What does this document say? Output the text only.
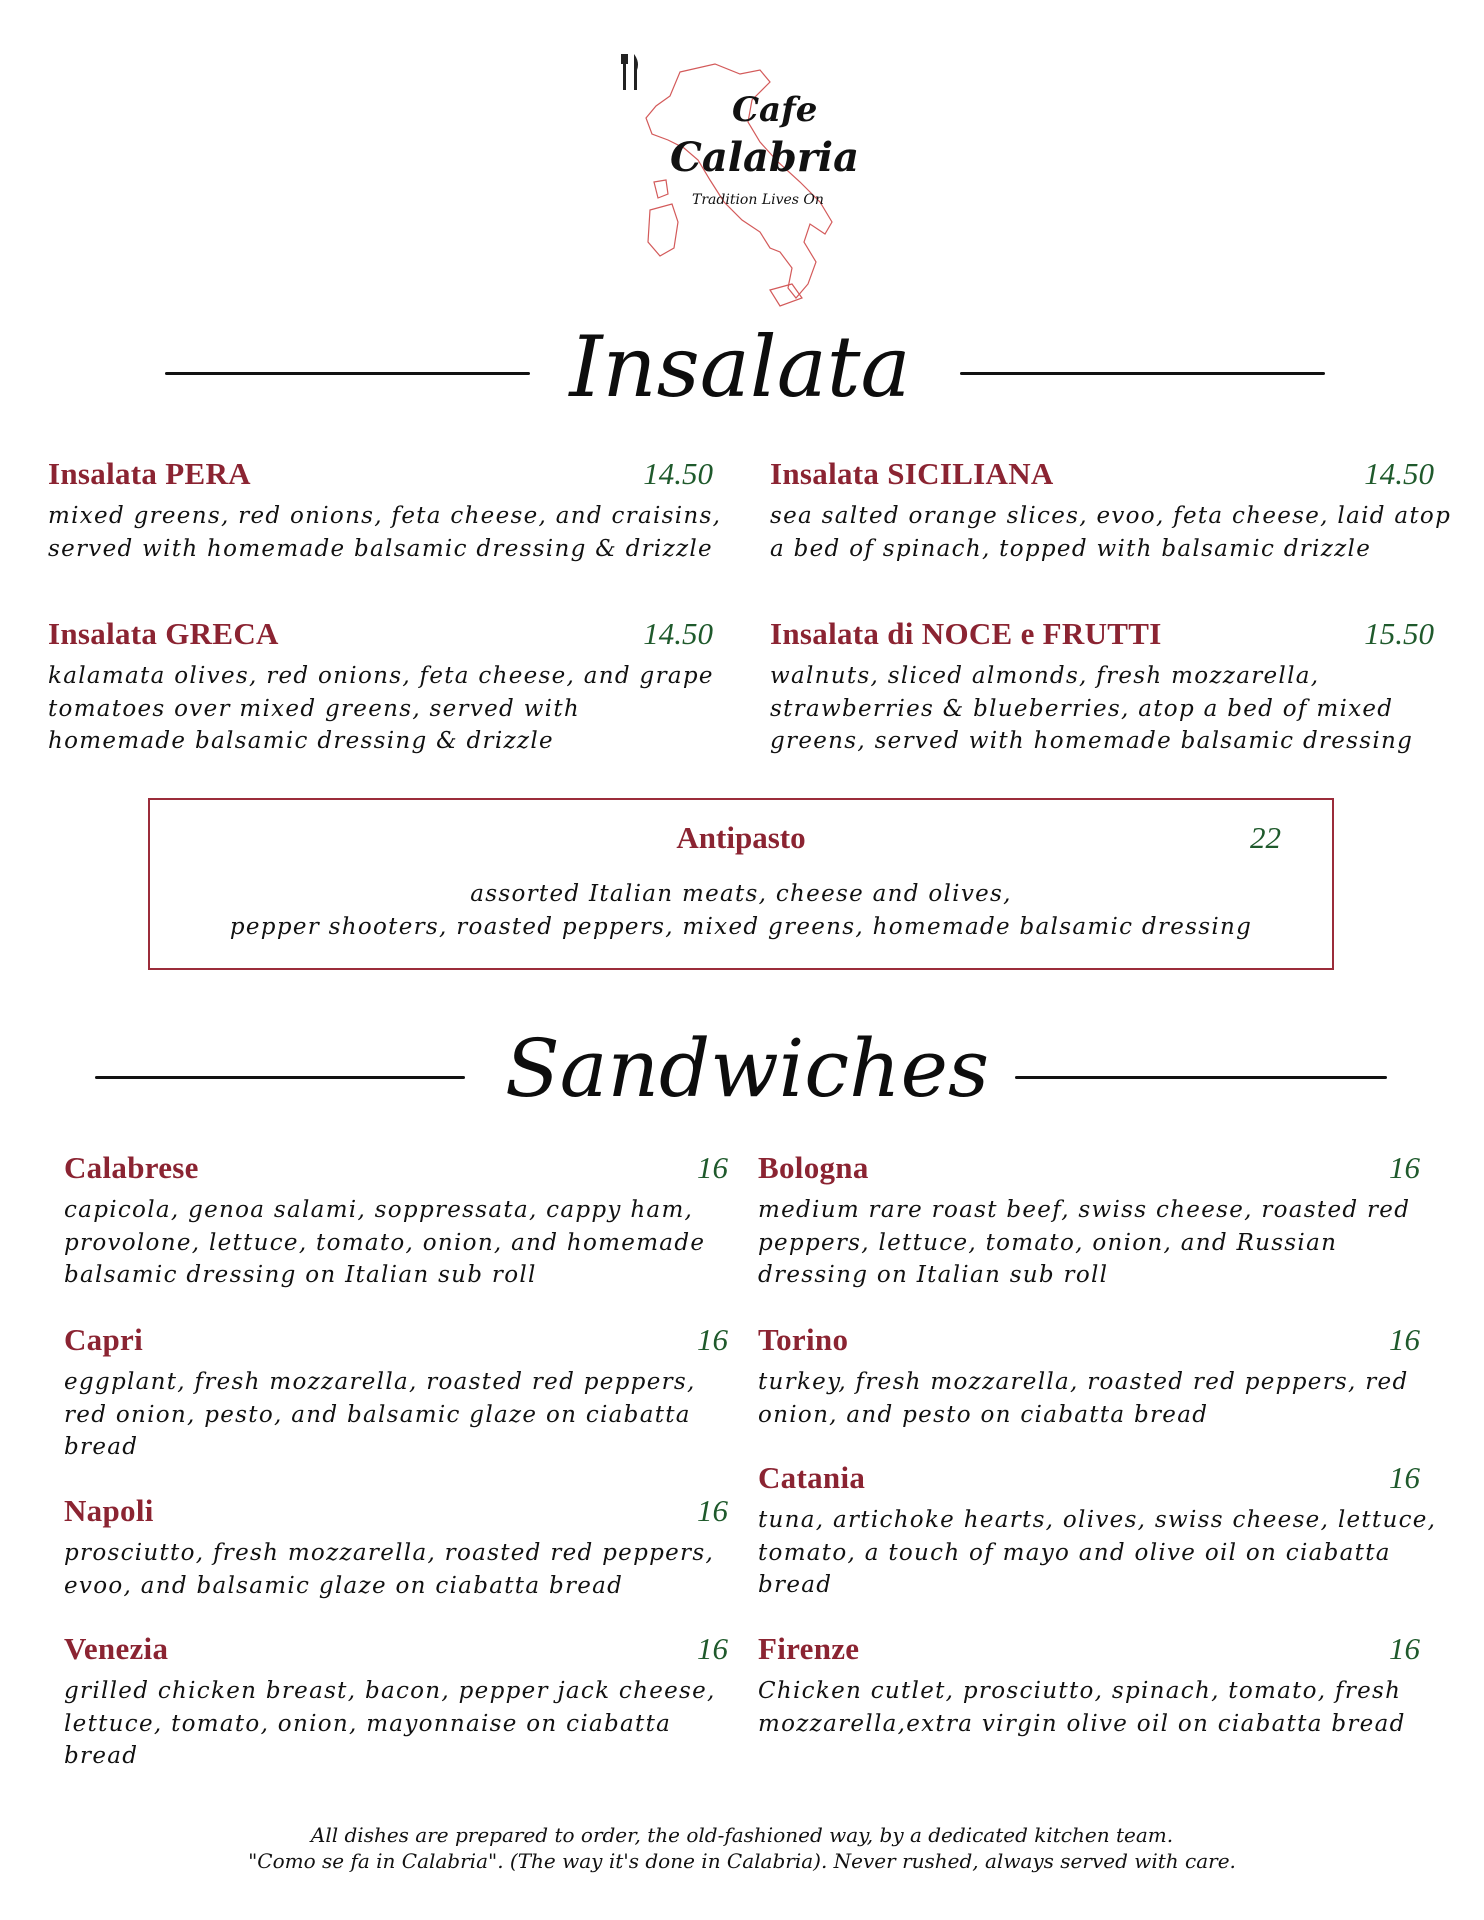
Cafe
Calabria
Tradition Lives On
Insalata
Insalata PERA	14.50
mixed greens, red onions, feta cheese, and craisins,
served with homemade balsamic dressing & drizzle
Insalata SICILIANA	14.50
sea salted orange slices, evoo, feta cheese, laid atop
a bed of spinach, topped with balsamic drizzle
Insalata GRECA	14.50
kalamata olives, red onions, feta cheese, and grape
tomatoes over mixed greens, served with
homemade balsamic dressing & drizzle
Insalata di NOCE e FRUTTI	15.50
walnuts, sliced almonds, fresh mozzarella,
strawberries & blueberries, atop a bed of mixed
greens, served with homemade balsamic dressing
Antipasto	22
assorted Italian meats, cheese and olives,
pepper shooters, roasted peppers, mixed greens, homemade balsamic dressing
Sandwiches
Calabrese	16
capicola, genoa salami, soppressata, cappy ham,
provolone, lettuce, tomato, onion, and homemade
balsamic dressing on Italian sub roll
Bologna	16
medium rare roast beef, swiss cheese, roasted red
peppers, lettuce, tomato, onion, and Russian
dressing on Italian sub roll
Capri	16
eggplant, fresh mozzarella, roasted red peppers,
red onion, pesto, and balsamic glaze on ciabatta
bread
Torino	16
turkey, fresh mozzarella, roasted red peppers, red
onion, and pesto on ciabatta bread
Napoli	16
prosciutto, fresh mozzarella, roasted red peppers,
evoo, and balsamic glaze on ciabatta bread
Catania	16
tuna, artichoke hearts, olives, swiss cheese, lettuce,
tomato, a touch of mayo and olive oil on ciabatta
bread
Venezia	16
grilled chicken breast, bacon, pepper jack cheese,
lettuce, tomato, onion, mayonnaise on ciabatta
bread
Firenze	16
Chicken cutlet, prosciutto, spinach, tomato, fresh
mozzarella,extra virgin olive oil on ciabatta bread
All dishes are prepared to order, the old-fashioned way, by a dedicated kitchen team.
"Como se fa in Calabria". (The way it's done in Calabria). Never rushed, always served with care.
